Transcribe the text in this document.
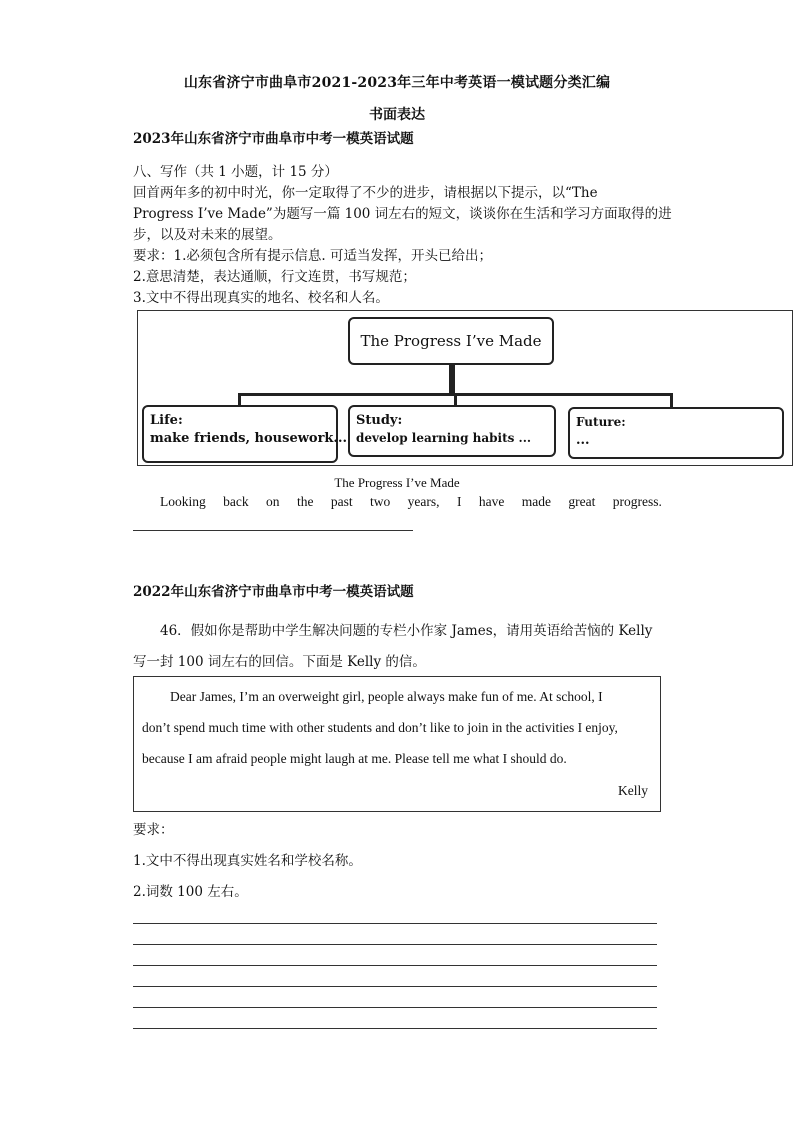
山东省济宁市曲阜市2021-2023年三年中考英语一模试题分类汇编
书面表达
2023年山东省济宁市曲阜市中考一模英语试题
八、写作（共 1 小题，计 15 分）
回首两年多的初中时光，你一定取得了不少的进步，请根据以下提示，以“The
Progress I’ve Made”为题写一篇 100 词左右的短文，谈谈你在生活和学习方面取得的进
步，以及对未来的展望。
要求：1.必须包含所有提示信息. 可适当发挥，开头已给出；
2.意思清楚，表达通顺，行文连贯，书写规范；
3.文中不得出现真实的地名、校名和人名。
The Progress I’ve Made
Life:
make friends, housework...
Study:
develop learning habits ...
Future:
...
The Progress I’ve Made
Looking back on the past two years, I have made great progress.
2022年山东省济宁市曲阜市中考一模英语试题
46．假如你是帮助中学生解决问题的专栏小作家 James，请用英语给苦恼的 Kelly
写一封 100 词左右的回信。下面是 Kelly 的信。
Dear James, I’m an overweight girl, people always make fun of me. At school, I
don’t spend much time with other students and don’t like to join in the activities I enjoy,
because I am afraid people might laugh at me. Please tell me what I should do.
Kelly
要求：
1.文中不得出现真实姓名和学校名称。
2.词数 100 左右。
